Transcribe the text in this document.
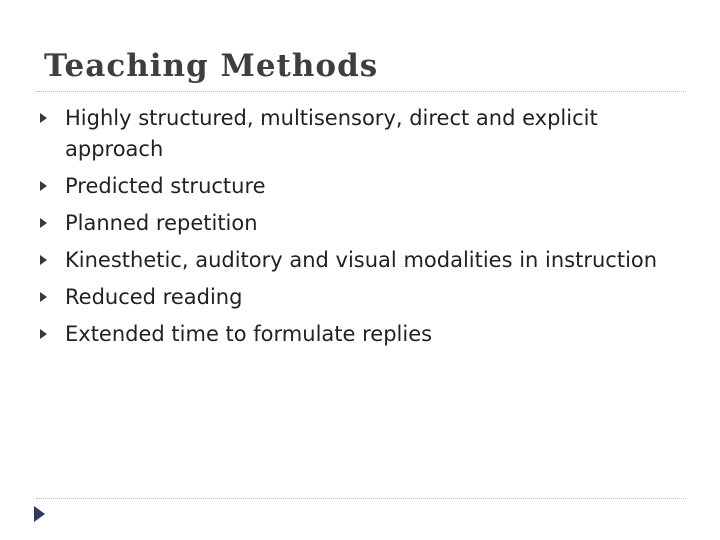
Teaching Methods
Highly structured, multisensory, direct and explicit approach
Predicted structure
Planned repetition
Kinesthetic, auditory and visual modalities in instruction
Reduced reading
Extended time to formulate replies
